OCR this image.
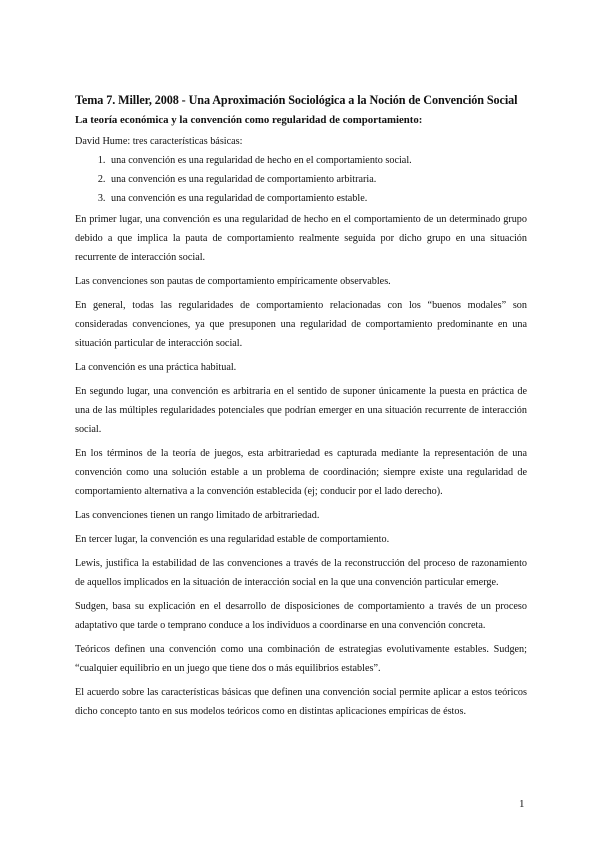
Tema 7. Miller, 2008 - Una Aproximación Sociológica a la Noción de Convención Social
La teoría económica y la convención como regularidad de comportamiento:

David Hume: tres características básicas:

1. una convención es una regularidad de hecho en el comportamiento social.
2. una convención es una regularidad de comportamiento arbitraria.
3. una convención es una regularidad de comportamiento estable.

En primer lugar, una convención es una regularidad de hecho en el comportamiento de un determinado grupo debido a que implica la pauta de comportamiento realmente seguida por dicho grupo en una situación recurrente de interacción social.

Las convenciones son pautas de comportamiento empíricamente observables.

En general, todas las regularidades de comportamiento relacionadas con los “buenos modales” son consideradas convenciones, ya que presuponen una regularidad de comportamiento predominante en una situación particular de interacción social.

La convención es una práctica habitual.

En segundo lugar, una convención es arbitraria en el sentido de suponer únicamente la puesta en práctica de una de las múltiples regularidades potenciales que podrían emerger en una situación recurrente de interacción social.

En los términos de la teoría de juegos, esta arbitrariedad es capturada mediante la representación de una convención como una solución estable a un problema de coordinación; siempre existe una regularidad de comportamiento alternativa a la convención establecida (ej; conducir por el lado derecho).

Las convenciones tienen un rango limitado de arbitrariedad.

En tercer lugar, la convención es una regularidad estable de comportamiento.

Lewis, justifica la estabilidad de las convenciones a través de la reconstrucción del proceso de razonamiento de aquellos implicados en la situación de interacción social en la que una convención particular emerge.

Sudgen, basa su explicación en el desarrollo de disposiciones de comportamiento a través de un proceso adaptativo que tarde o temprano conduce a los individuos a coordinarse en una convención concreta.

Teóricos definen una convención como una combinación de estrategias evolutivamente estables. Sudgen; “cualquier equilibrio en un juego que tiene dos o más equilibrios estables”.

El acuerdo sobre las características básicas que definen una convención social permite aplicar a estos teóricos dicho concepto tanto en sus modelos teóricos como en distintas aplicaciones empíricas de éstos.

1
